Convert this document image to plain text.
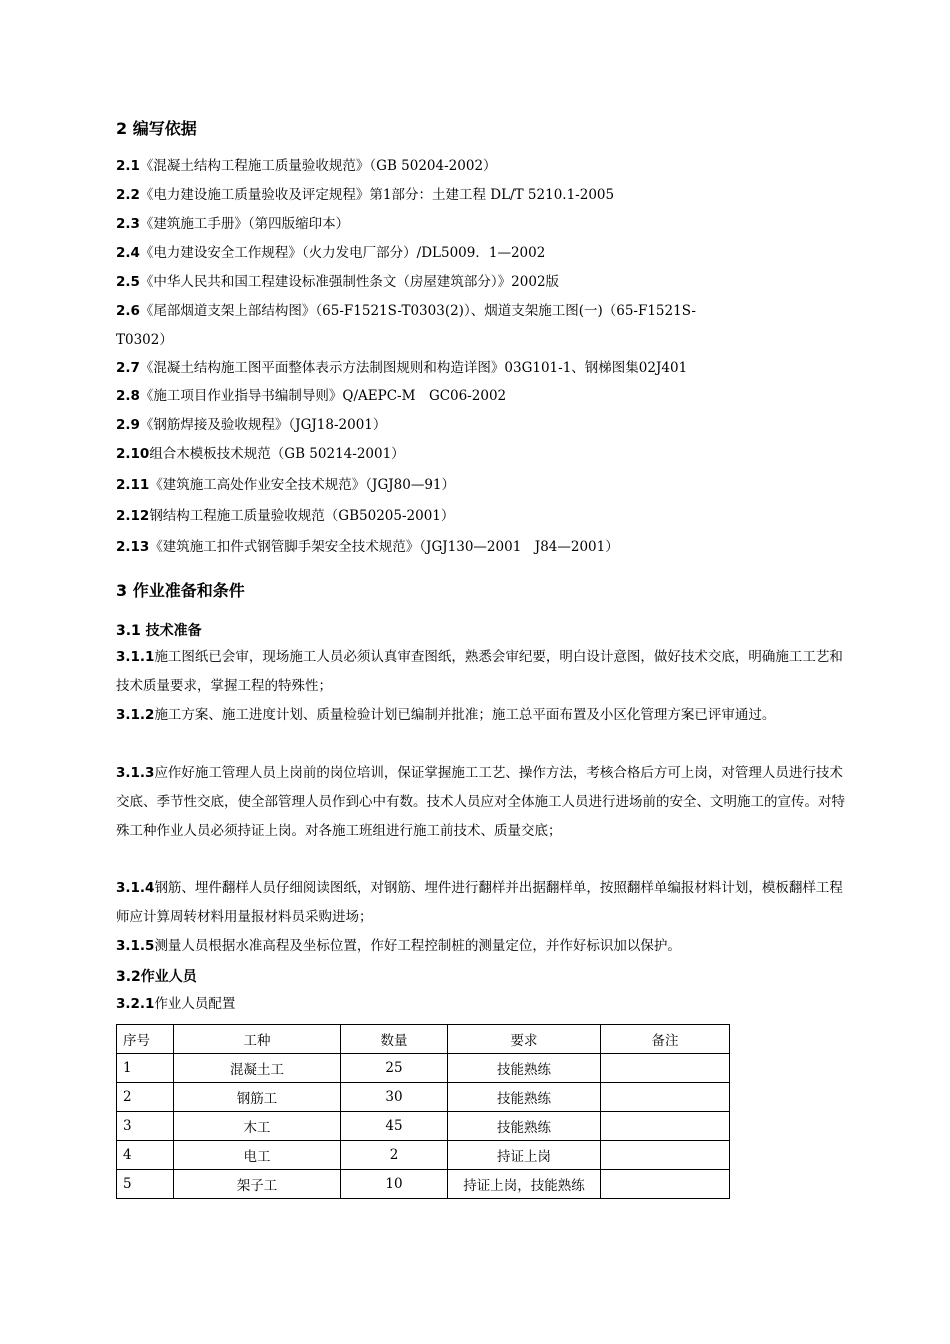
2 编写依据
2.1《混凝土结构工程施工质量验收规范》（GB 50204-2002）
2.2《电力建设施工质量验收及评定规程》第1部分：土建工程 DL/T 5210.1-2005
2.3《建筑施工手册》（第四版缩印本）
2.4《电力建设安全工作规程》（火力发电厂部分）/DL5009．1—2002
2.5《中华人民共和国工程建设标准强制性条文（房屋建筑部分）》2002版
2.6《尾部烟道支架上部结构图》（65-F1521S-T0303(2)）、烟道支架施工图(一)（65-F1521S-
T0302）
2.7《混凝土结构施工图平面整体表示方法制图规则和构造详图》03G101-1、钢梯图集02J401
2.8《施工项目作业指导书编制导则》Q/AEPC-M　GC06-2002
2.9《钢筋焊接及验收规程》（JGJ18-2001）
2.10组合木模板技术规范（GB 50214-2001）
2.11《建筑施工高处作业安全技术规范》（JGJ80—91）
2.12钢结构工程施工质量验收规范（GB50205-2001）
2.13《建筑施工扣件式钢管脚手架安全技术规范》（JGJ130—2001　J84—2001）
3 作业准备和条件
3.1 技术准备
3.1.1施工图纸已会审，现场施工人员必须认真审查图纸，熟悉会审纪要，明白设计意图，做好技术交底，明确施工工艺和技术质量要求，掌握工程的特殊性；
3.1.2施工方案、施工进度计划、质量检验计划已编制并批准；施工总平面布置及小区化管理方案已评审通过。
3.1.3应作好施工管理人员上岗前的岗位培训，保证掌握施工工艺、操作方法，考核合格后方可上岗，对管理人员进行技术交底、季节性交底，使全部管理人员作到心中有数。技术人员应对全体施工人员进行进场前的安全、文明施工的宣传。对特殊工种作业人员必须持证上岗。对各施工班组进行施工前技术、质量交底；
3.1.4钢筋、埋件翻样人员仔细阅读图纸，对钢筋、埋件进行翻样并出据翻样单，按照翻样单编报材料计划，模板翻样工程师应计算周转材料用量报材料员采购进场；
3.1.5测量人员根据水准高程及坐标位置，作好工程控制桩的测量定位，并作好标识加以保护。
3.2作业人员
3.2.1作业人员配置
序号	工种	数量	要求	备注
1	混凝土工	25	技能熟练	
2	钢筋工	30	技能熟练	
3	木工	45	技能熟练	
4	电工	2	持证上岗	
5	架子工	10	持证上岗，技能熟练	
